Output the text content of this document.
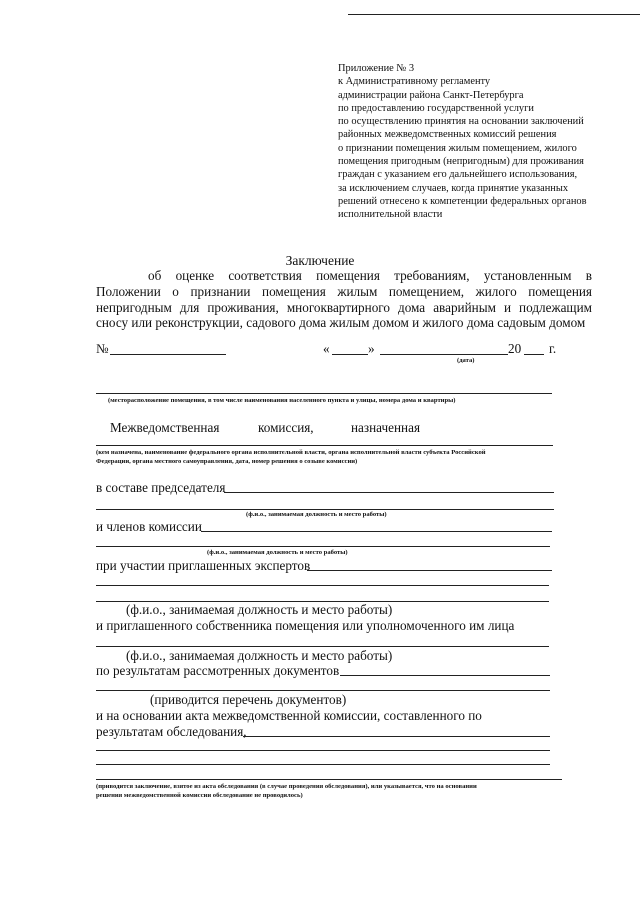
Приложение № 3
к Административному регламенту
администрации района Санкт-Петербурга
по предоставлению государственной услуги
по осуществлению принятия на основании заключений
районных межведомственных комиссий решения
о признании помещения жилым помещением, жилого
помещения пригодным (непригодным) для проживания
граждан с указанием его дальнейшего использования,
за исключением случаев, когда принятие указанных
решений отнесено к компетенции федеральных органов
исполнительной власти
Заключение
об оценке соответствия помещения требованиям, установленным в Положении о признании помещения жилым помещением, жилого помещения непригодным для проживания, многоквартирного дома аварийным и подлежащим сносу или реконструкции, садового дома жилым домом и жилого дома садовым домом
№	«	»	20 г.
(дата)
(месторасположение помещения, в том числе наименования населенного пункта и улицы, номера дома и квартиры)
Межведомственная	комиссия,	назначенная
(кем назначена, наименование федерального органа исполнительной власти, органа исполнительной власти субъекта Российской
Федерации, органа местного самоуправления, дата, номер решения о созыве комиссии)
в составе председателя
(ф.и.о., занимаемая должность и место работы)
и членов комиссии
(ф.и.о., занимаемая должность и место работы)
при участии приглашенных экспертов
(ф.и.о., занимаемая должность и место работы)
и приглашенного собственника помещения или уполномоченного им лица
(ф.и.о., занимаемая должность и место работы)
по результатам рассмотренных документов
(приводится перечень документов)
и на основании акта межведомственной комиссии, составленного по
результатам обследования,
(приводится заключение, взятое из акта обследования (в случае проведения обследования), или указывается, что на основании
решения межведомственной комиссии обследование не проводилось)
